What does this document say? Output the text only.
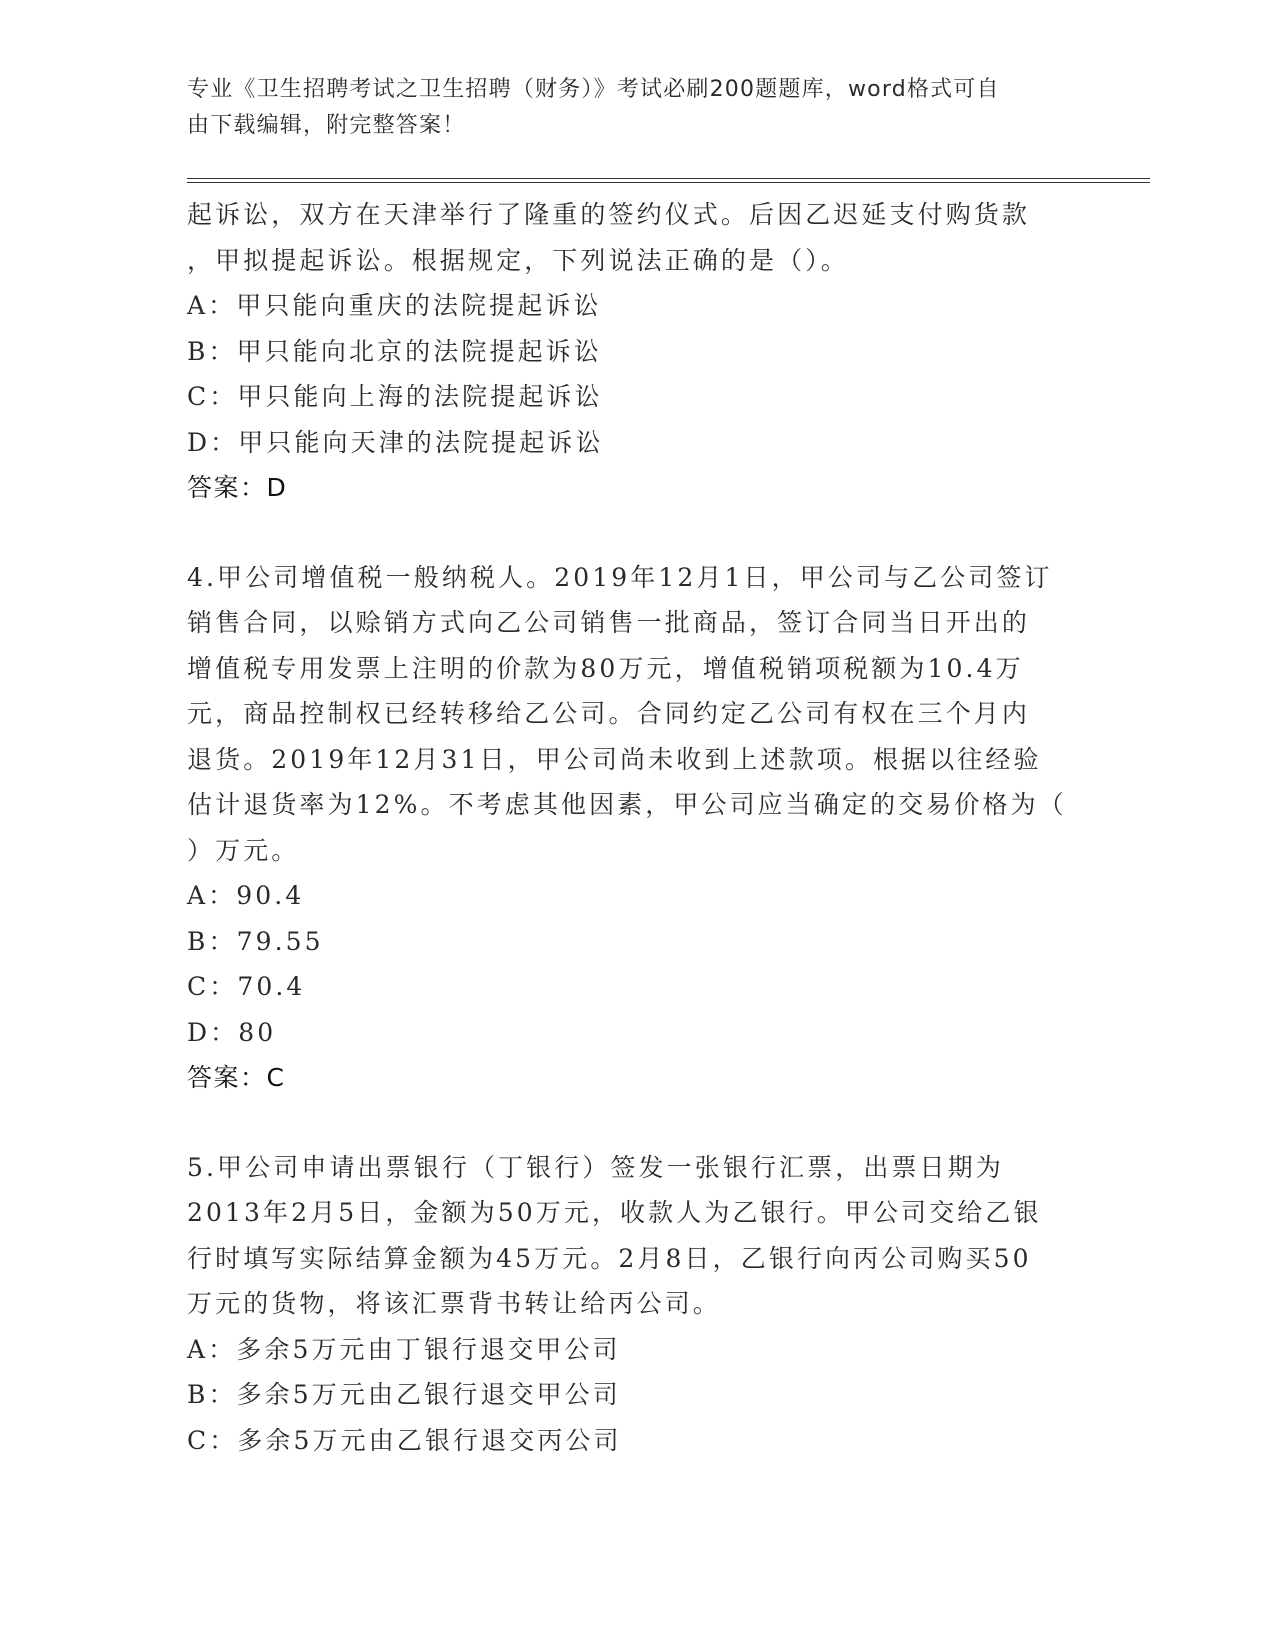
专业《卫生招聘考试之卫生招聘（财务）》考试必刷200题题库，word格式可自
由下载编辑，附完整答案！
起诉讼，双方在天津举行了隆重的签约仪式。后因乙迟延支付购货款
，甲拟提起诉讼。根据规定，下列说法正确的是（）。
A：甲只能向重庆的法院提起诉讼
B：甲只能向北京的法院提起诉讼
C：甲只能向上海的法院提起诉讼
D：甲只能向天津的法院提起诉讼
答案：D
4.甲公司增值税一般纳税人。2019年12月1日，甲公司与乙公司签订
销售合同，以赊销方式向乙公司销售一批商品，签订合同当日开出的
增值税专用发票上注明的价款为80万元，增值税销项税额为10.4万
元，商品控制权已经转移给乙公司。合同约定乙公司有权在三个月内
退货。2019年12月31日，甲公司尚未收到上述款项。根据以往经验
估计退货率为12%。不考虑其他因素，甲公司应当确定的交易价格为（
）万元。
A：90.4
B：79.55
C：70.4
D：80
答案：C
5.甲公司申请出票银行（丁银行）签发一张银行汇票，出票日期为
2013年2月5日，金额为50万元，收款人为乙银行。甲公司交给乙银
行时填写实际结算金额为45万元。2月8日，乙银行向丙公司购买50
万元的货物，将该汇票背书转让给丙公司。
A：多余5万元由丁银行退交甲公司
B：多余5万元由乙银行退交甲公司
C：多余5万元由乙银行退交丙公司
